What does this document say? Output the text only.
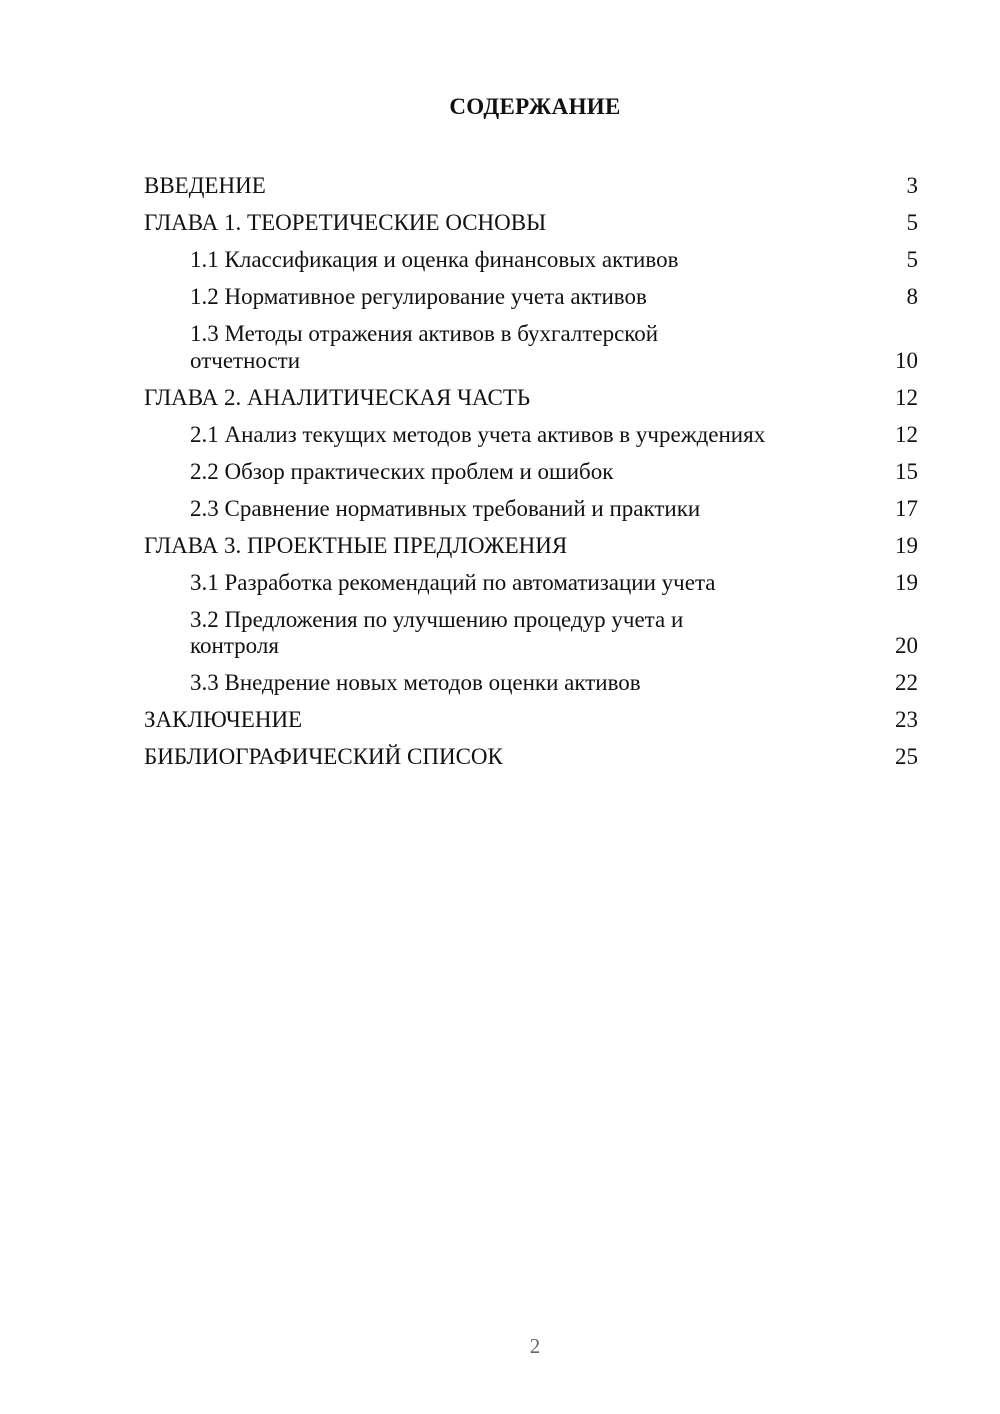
СОДЕРЖАНИЕ
ВВЕДЕНИЕ	3
ГЛАВА 1. ТЕОРЕТИЧЕСКИЕ ОСНОВЫ	5
1.1 Классификация и оценка финансовых активов	5
1.2 Нормативное регулирование учета активов	8
1.3 Методы отражения активов в бухгалтерской отчетности	10
ГЛАВА 2. АНАЛИТИЧЕСКАЯ ЧАСТЬ	12
2.1 Анализ текущих методов учета активов в учреждениях	12
2.2 Обзор практических проблем и ошибок	15
2.3 Сравнение нормативных требований и практики	17
ГЛАВА 3. ПРОЕКТНЫЕ ПРЕДЛОЖЕНИЯ	19
3.1 Разработка рекомендаций по автоматизации учета	19
3.2 Предложения по улучшению процедур учета и контроля	20
3.3 Внедрение новых методов оценки активов	22
ЗАКЛЮЧЕНИЕ	23
БИБЛИОГРАФИЧЕСКИЙ СПИСОК	25
2
